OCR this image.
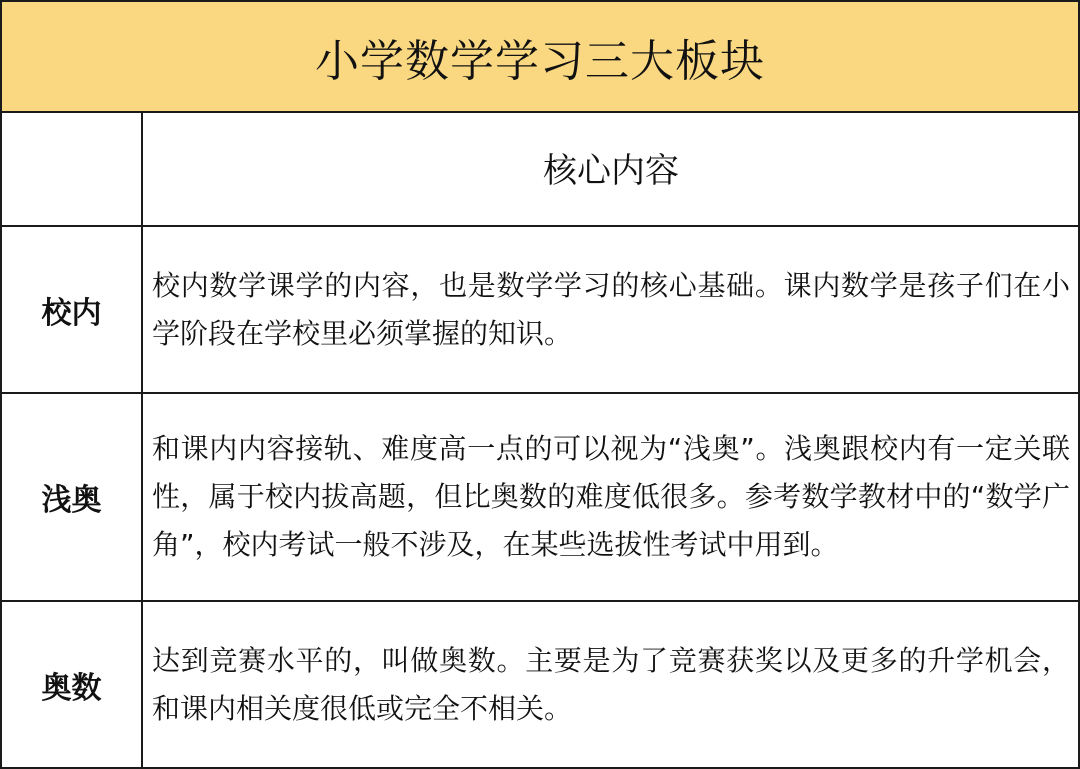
小学数学学习三大板块
核心内容
校内
校内数学课学的内容，也是数学学习的核心基础。课内数学是孩子们在小学阶段在学校里必须掌握的知识。
浅奥
和课内内容接轨、难度高一点的可以视为“浅奥”。浅奥跟校内有一定关联性，属于校内拔高题，但比奥数的难度低很多。参考数学教材中的“数学广角”，校内考试一般不涉及，在某些选拔性考试中用到。
奥数
达到竞赛水平的，叫做奥数。主要是为了竞赛获奖以及更多的升学机会，和课内相关度很低或完全不相关。
